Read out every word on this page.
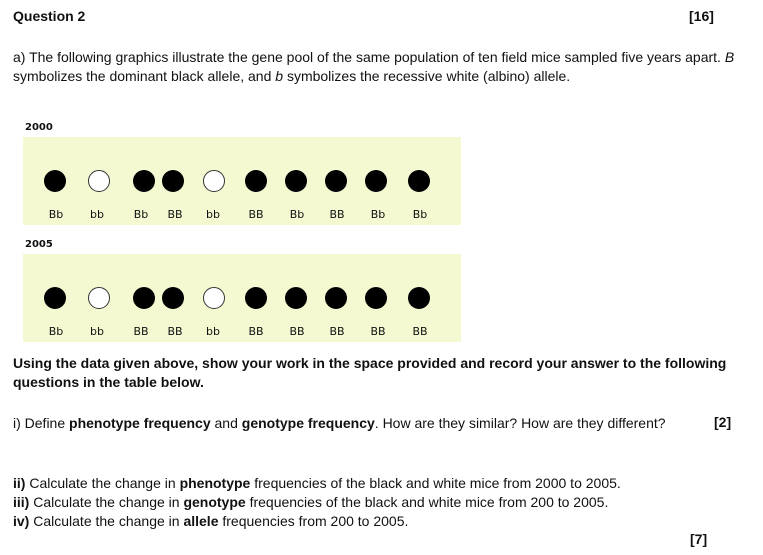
Question 2	[16]
a) The following graphics illustrate the gene pool of the same population of ten field mice sampled five years apart. B symbolizes the dominant black allele, and b symbolizes the recessive white (albino) allele.
2000
Bb	bb	Bb	BB	bb	BB	Bb	BB	Bb	Bb
2005
Bb	bb	BB	BB	bb	BB	BB	BB	BB	BB
Using the data given above, show your work in the space provided and record your answer to the following questions in the table below.
i) Define phenotype frequency and genotype frequency. How are they similar? How are they different?	[2]
ii) Calculate the change in phenotype frequencies of the black and white mice from 2000 to 2005.
iii) Calculate the change in genotype frequencies of the black and white mice from 200 to 2005.
iv) Calculate the change in allele frequencies from 200 to 2005.
[7]
